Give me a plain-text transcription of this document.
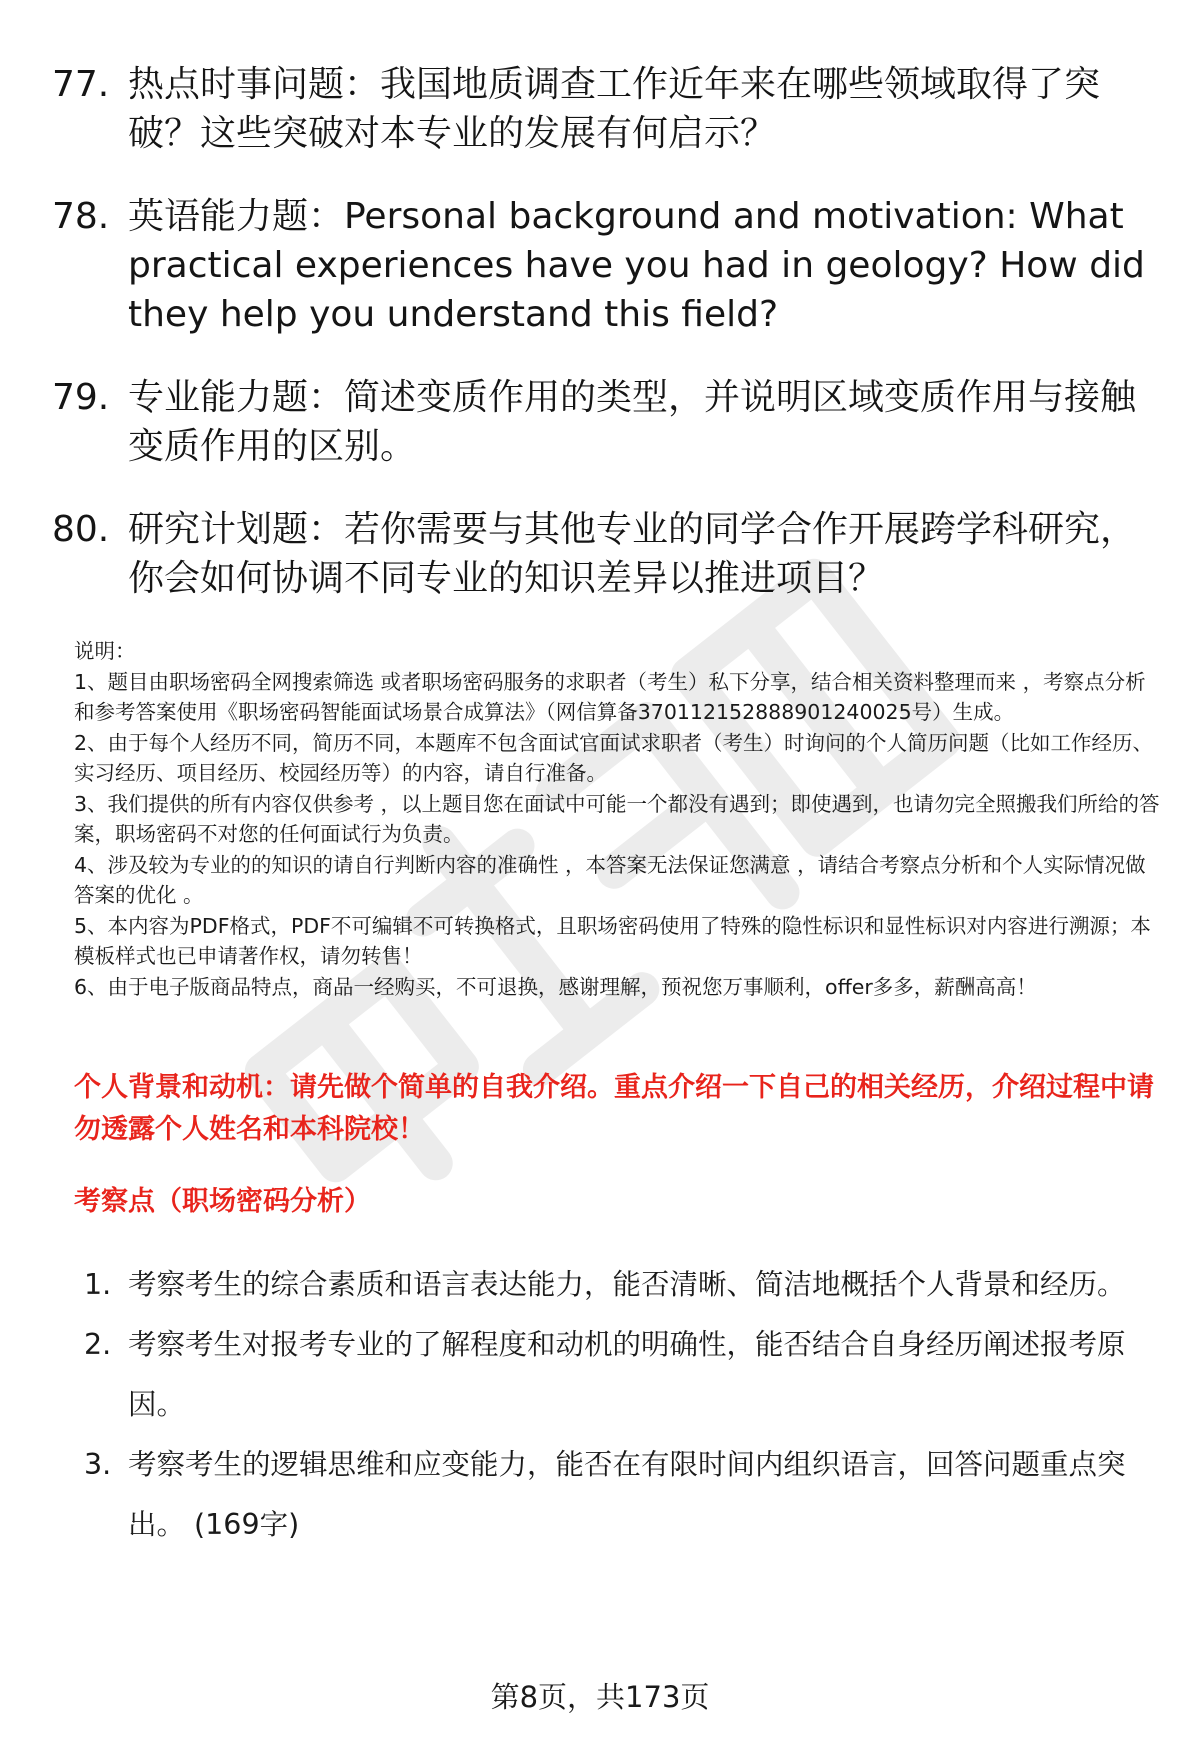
77. 热点时事问题：我国地质调查工作近年来在哪些领域取得了突破？这些突破对本专业的发展有何启示？
78. 英语能力题：Personal background and motivation: What practical experiences have you had in geology? How did they help you understand this field?
79. 专业能力题：简述变质作用的类型，并说明区域变质作用与接触变质作用的区别。
80. 研究计划题：若你需要与其他专业的同学合作开展跨学科研究，你会如何协调不同专业的知识差异以推进项目？
说明：
1、题目由职场密码全网搜索筛选 或者职场密码服务的求职者（考生）私下分享，结合相关资料整理而来 ，考察点分析和参考答案使用《职场密码智能面试场景合成算法》（网信算备370112152888901240025号）生成。
2、由于每个人经历不同，简历不同，本题库不包含面试官面试求职者（考生）时询问的个人简历问题（比如工作经历、实习经历、项目经历、校园经历等）的内容，请自行准备。
3、我们提供的所有内容仅供参考 ，以上题目您在面试中可能一个都没有遇到；即使遇到，也请勿完全照搬我们所给的答案，职场密码不对您的任何面试行为负责。
4、涉及较为专业的的知识的请自行判断内容的准确性 ，本答案无法保证您满意 ，请结合考察点分析和个人实际情况做答案的优化 。
5、本内容为PDF格式，PDF不可编辑不可转换格式，且职场密码使用了特殊的隐性标识和显性标识对内容进行溯源；本模板样式也已申请著作权，请勿转售！
6、由于电子版商品特点，商品一经购买，不可退换，感谢理解，预祝您万事顺利，offer多多，薪酬高高！
个人背景和动机：请先做个简单的自我介绍。重点介绍一下自己的相关经历，介绍过程中请勿透露个人姓名和本科院校！
考察点（职场密码分析）
1. 考察考生的综合素质和语言表达能力，能否清晰、简洁地概括个人背景和经历。
2. 考察考生对报考专业的了解程度和动机的明确性，能否结合自身经历阐述报考原因。
3. 考察考生的逻辑思维和应变能力，能否在有限时间内组织语言，回答问题重点突出。 (169字)
第8页，共173页
